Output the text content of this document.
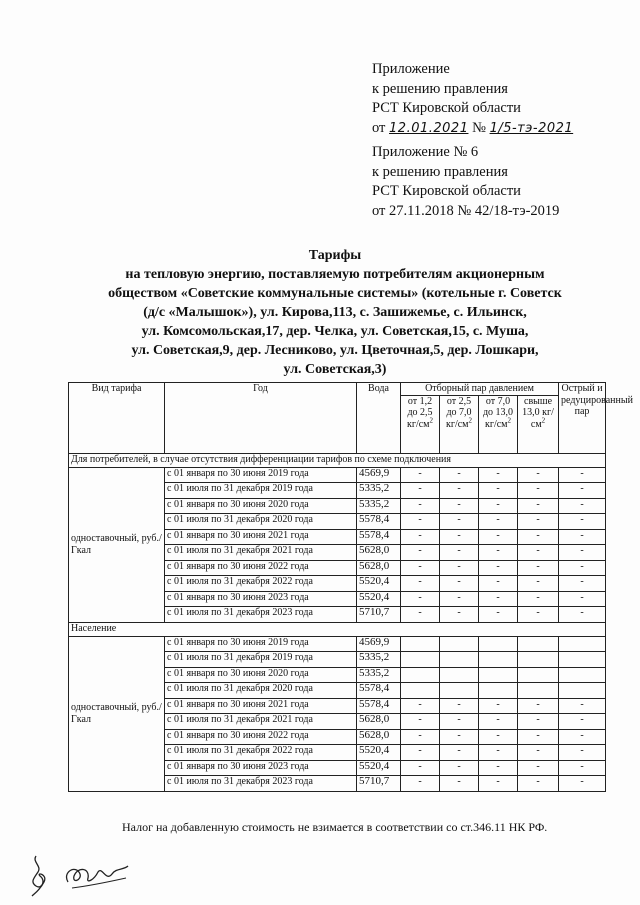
Приложение
к решению правления
РСТ Кировской области
от 12.01.2021 № 1/5-тэ-2021
Приложение № 6
к решению правления
РСТ Кировской области
от 27.11.2018 № 42/18-тэ-2019
Тарифы
на тепловую энергию, поставляемую потребителям акционерным
обществом «Советские коммунальные системы» (котельные г. Советск
(д/с «Малышок»), ул. Кирова,113, с. Зашижемье, с. Ильинск,
ул. Комсомольская,17, дер. Челка, ул. Советская,15, с. Муша,
ул. Советская,9, дер. Лесниково, ул. Цветочная,5, дер. Лошкари,
ул. Советская,3)
Вид тарифа	Год	Вода	Отборный пар давлением				Острый и редуцированный пар
			от 1,2 до 2,5 $кг/см^2$	от 2,5 до 7,0 $кг/см^2$	от 7,0 до 13,0 $кг/см^2$	свыше 13,0 $кг/см^2$
Для потребителей, в случае отсутствия дифференциации тарифов по схеме подключения							
одноставочный, руб./Гкал	с 01 января по 30 июня 2019 года	4569,9	-	-	-	-	-
	с 01 июля по 31 декабря 2019 года	5335,2	-	-	-	-	-
	с 01 января по 30 июня 2020 года	5335,2	-	-	-	-	-
	с 01 июля по 31 декабря 2020 года	5578,4	-	-	-	-	-
	с 01 января по 30 июня 2021 года	5578,4	-	-	-	-	-
	с 01 июля по 31 декабря 2021 года	5628,0	-	-	-	-	-
	с 01 января по 30 июня 2022 года	5628,0	-	-	-	-	-
	с 01 июля по 31 декабря 2022 года	5520,4	-	-	-	-	-
	с 01 января по 30 июня 2023 года	5520,4	-	-	-	-	-
	с 01 июля по 31 декабря 2023 года	5710,7	-	-	-	-	-
Население							
одноставочный, руб./Гкал	с 01 января по 30 июня 2019 года	4569,9					
	с 01 июля по 31 декабря 2019 года	5335,2					
	с 01 января по 30 июня 2020 года	5335,2					
	с 01 июля по 31 декабря 2020 года	5578,4					
	с 01 января по 30 июня 2021 года	5578,4	-	-	-	-	-
	с 01 июля по 31 декабря 2021 года	5628,0	-	-	-	-	-
	с 01 января по 30 июня 2022 года	5628,0	-	-	-	-	-
	с 01 июля по 31 декабря 2022 года	5520,4	-	-	-	-	-
	с 01 января по 30 июня 2023 года	5520,4	-	-	-	-	-
	с 01 июля по 31 декабря 2023 года	5710,7	-	-	-	-	-
Налог на добавленную стоимость не взимается в соответствии со ст.346.11 НК РФ.
